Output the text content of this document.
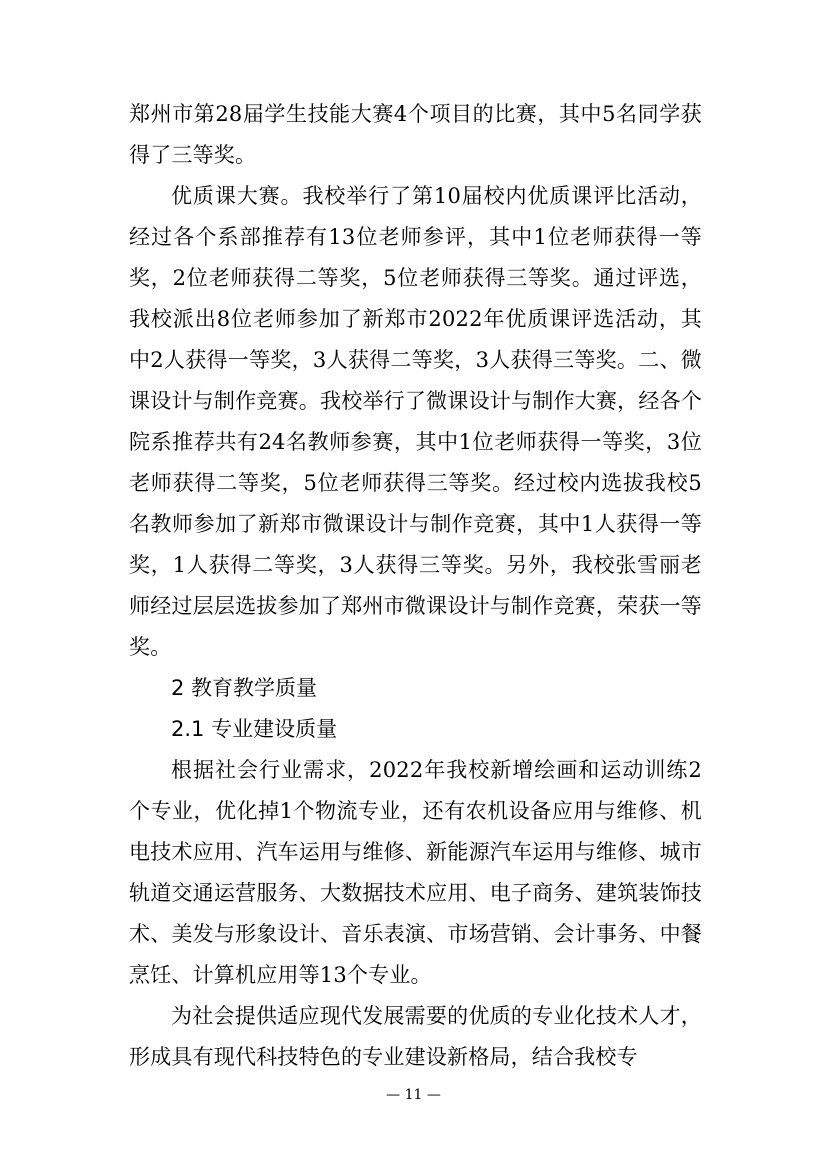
郑州市第28届学生技能大赛4个项目的比赛，其中5名同学获得了三等奖。

优质课大赛。我校举行了第10届校内优质课评比活动，经过各个系部推荐有13位老师参评，其中1位老师获得一等奖，2位老师获得二等奖，5位老师获得三等奖。通过评选，我校派出8位老师参加了新郑市2022年优质课评选活动，其中2人获得一等奖，3人获得二等奖，3人获得三等奖。二、微课设计与制作竞赛。我校举行了微课设计与制作大赛，经各个院系推荐共有24名教师参赛，其中1位老师获得一等奖，3位老师获得二等奖，5位老师获得三等奖。经过校内选拔我校5名教师参加了新郑市微课设计与制作竞赛，其中1人获得一等奖，1人获得二等奖，3人获得三等奖。另外，我校张雪丽老师经过层层选拔参加了郑州市微课设计与制作竞赛，荣获一等奖。

2 教育教学质量

2.1 专业建设质量

根据社会行业需求，2022年我校新增绘画和运动训练2个专业，优化掉1个物流专业，还有农机设备应用与维修、机电技术应用、汽车运用与维修、新能源汽车运用与维修、城市轨道交通运营服务、大数据技术应用、电子商务、建筑装饰技术、美发与形象设计、音乐表演、市场营销、会计事务、中餐烹饪、计算机应用等13个专业。

为社会提供适应现代发展需要的优质的专业化技术人才，形成具有现代科技特色的专业建设新格局，结合我校专

— 11 —
